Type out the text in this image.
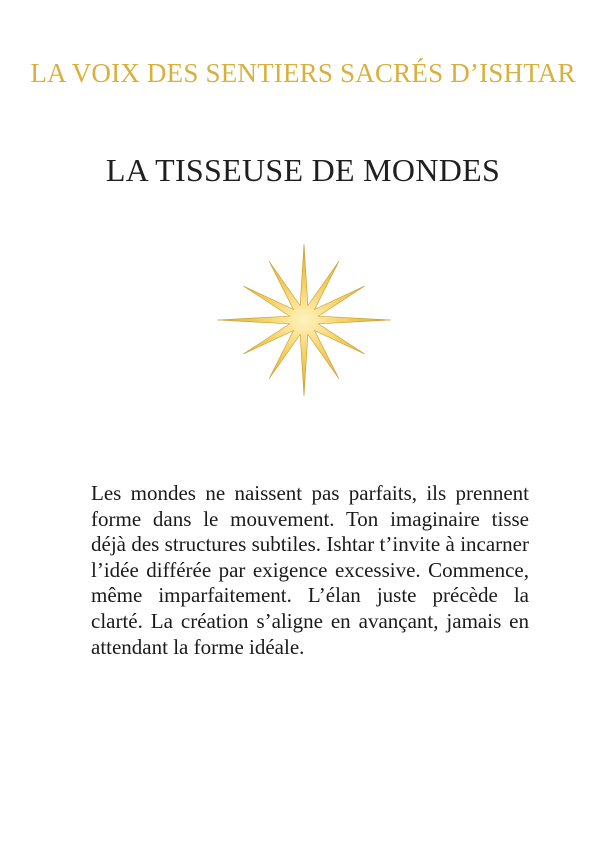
LA VOIX DES SENTIERS SACRÉS D’ISHTAR
LA TISSEUSE DE MONDES

Les mondes ne naissent pas parfaits, ils prennent forme dans le mouvement. Ton imaginaire tisse déjà des structures subtiles. Ishtar t’invite à incarner l’idée différée par exigence excessive. Commence, même imparfaitement. L’élan juste précède la clarté. La création s’aligne en avançant, jamais en attendant la forme idéale.
